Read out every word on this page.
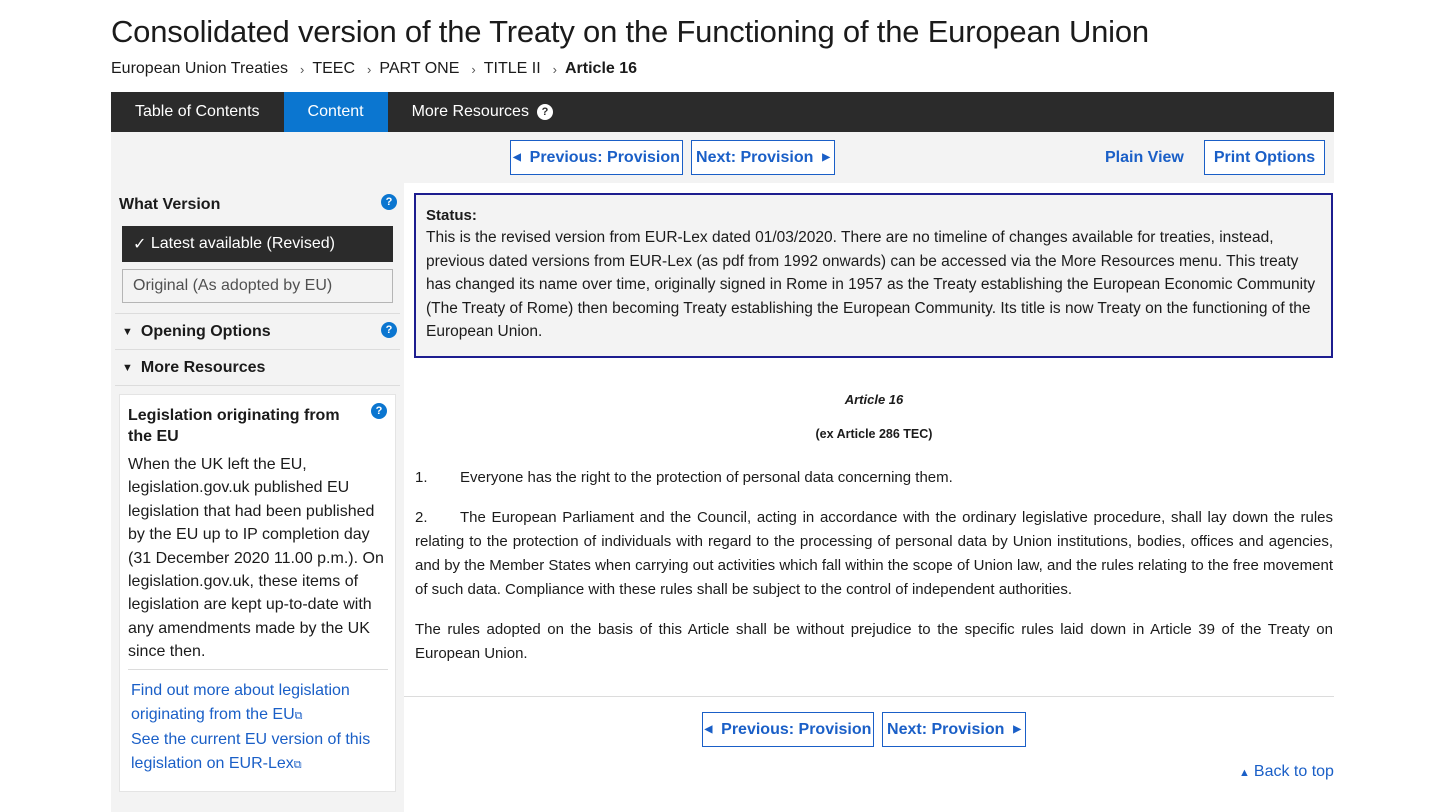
Consolidated version of the Treaty on the Functioning of the European Union
European Union Treaties › TEEC › PART ONE › TITLE II › Article 16
Table of Contents	Content	More Resources	?
◀
Previous: Provision Next: Provision
▶	Plain View Print Options
What Version	?
✓
Latest available (Revised)
Original (As adopted by EU)
▼ Opening Options	?
▼ More Resources
Legislation originating from the EU
?
When the UK left the EU, legislation.gov.uk published EU legislation that had been published by the EU up to IP completion day (31 December 2020 11.00 p.m.). On legislation.gov.uk, these items of legislation are kept up-to-date with any amendments made by the UK since then.
Find out more about legislation originating from the EU⧉
See the current EU version of this legislation on EUR-Lex⧉
Status:
This is the revised version from EUR-Lex dated 01/03/2020. There are no timeline of changes available for treaties, instead, previous dated versions from EUR-Lex (as pdf from 1992 onwards) can be accessed via the More Resources menu. This treaty has changed its name over time, originally signed in Rome in 1957 as the Treaty establishing the European Economic Community (The Treaty of Rome) then becoming Treaty establishing the European Community. Its title is now Treaty on the functioning of the European Union.
Article 16
(ex Article 286 TEC)
1. Everyone has the right to the protection of personal data concerning them.
2. The European Parliament and the Council, acting in accordance with the ordinary legislative procedure, shall lay down the rules relating to the protection of individuals with regard to the processing of personal data by Union institutions, bodies, offices and agencies, and by the Member States when carrying out activities which fall within the scope of Union law, and the rules relating to the free movement of such data. Compliance with these rules shall be subject to the control of independent authorities.
The rules adopted on the basis of this Article shall be without prejudice to the specific rules laid down in Article 39 of the Treaty on European Union.
◀
Previous: Provision Next: Provision
▶
▲ Back to top
